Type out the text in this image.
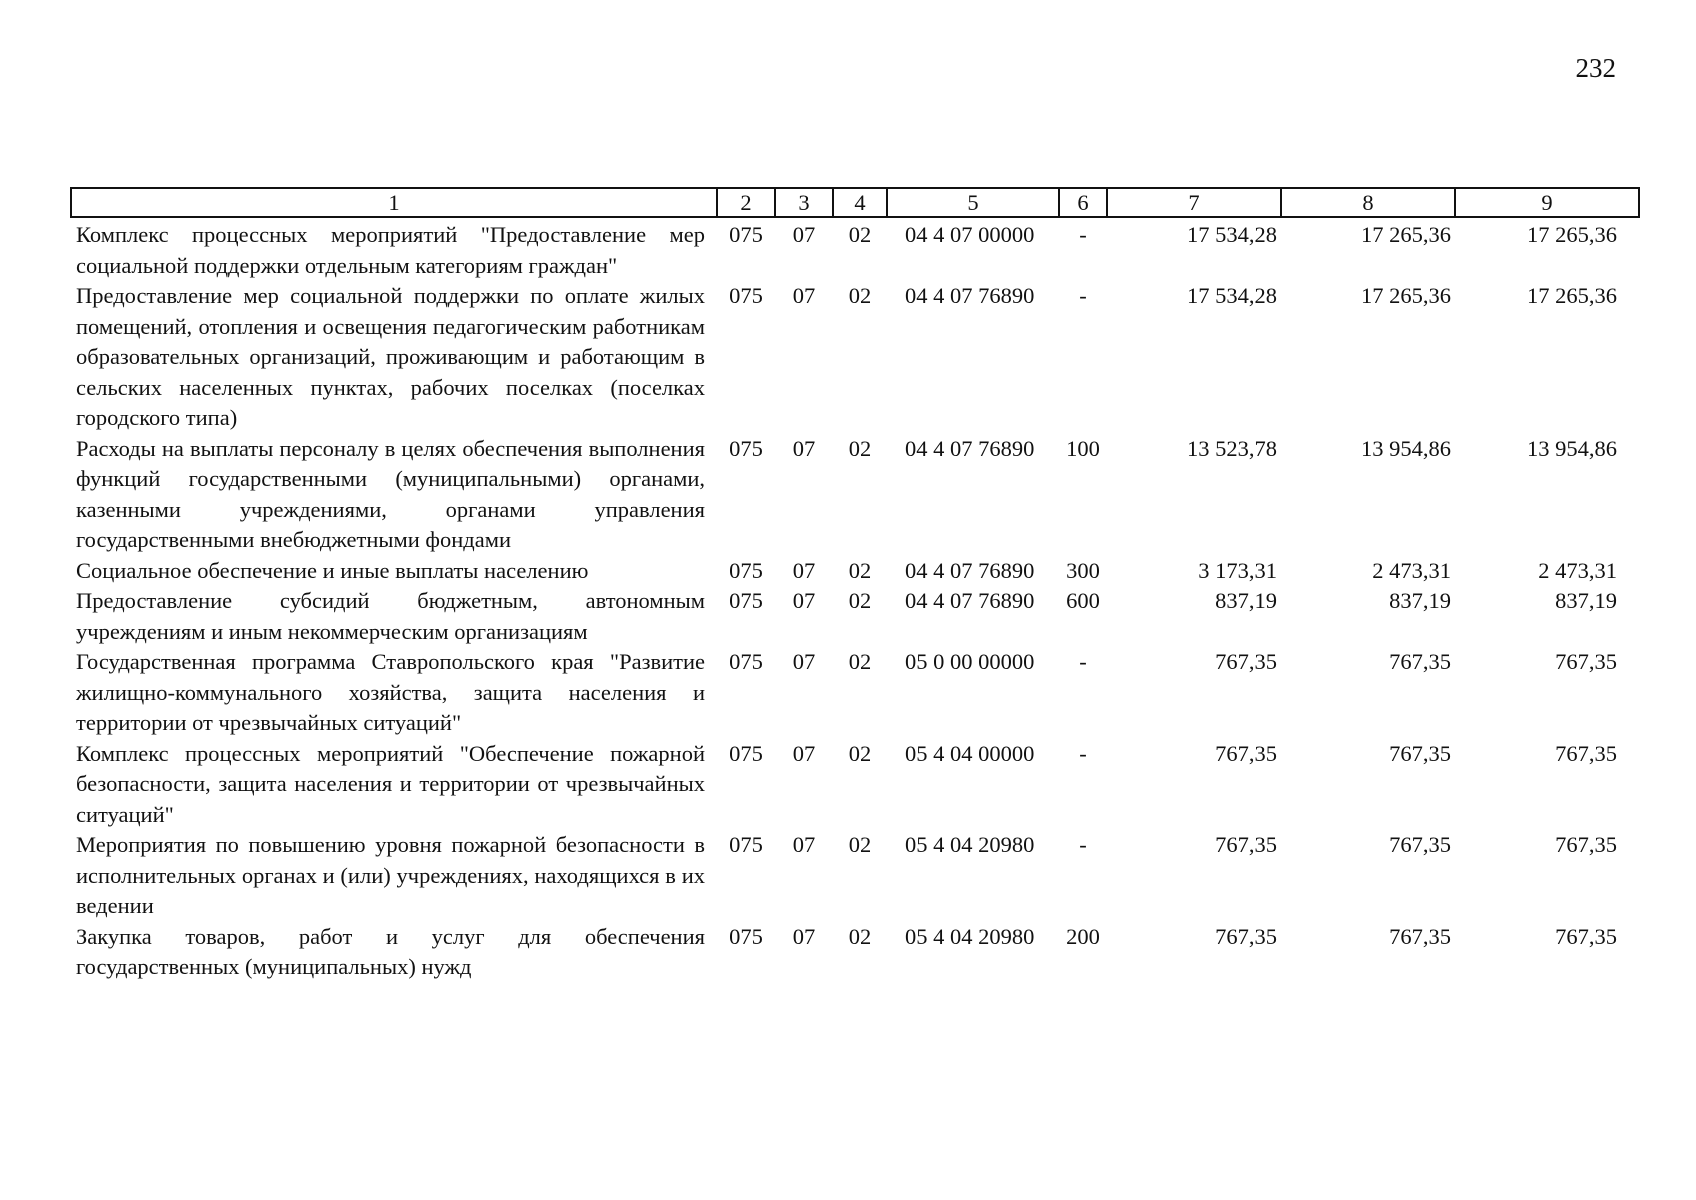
232
1	2	3	4	5	6	7	8	9
Комплекс процессных мероприятий "Предоставление мер социальной поддержки отдельным категориям граждан"	075	07	02	04 4 07 00000	-	17 534,28	17 265,36	17 265,36
Предоставление мер социальной поддержки по оплате жилых помещений, отопления и освещения педагогическим работникам образовательных организаций, проживающим и работающим в сельских населенных пунктах, рабочих поселках (поселках городского типа)	075	07	02	04 4 07 76890	-	17 534,28	17 265,36	17 265,36
Расходы на выплаты персоналу в целях обеспечения выполнения функций государственными (муниципальными) органами, казенными учреждениями, органами управления государственными внебюджетными фондами	075	07	02	04 4 07 76890	100	13 523,78	13 954,86	13 954,86
Социальное обеспечение и иные выплаты населению	075	07	02	04 4 07 76890	300	3 173,31	2 473,31	2 473,31
Предоставление субсидий бюджетным, автономным учреждениям и иным некоммерческим организациям	075	07	02	04 4 07 76890	600	837,19	837,19	837,19
Государственная программа Ставропольского края "Развитие жилищно-коммунального хозяйства, защита населения и территории от чрезвычайных ситуаций"	075	07	02	05 0 00 00000	-	767,35	767,35	767,35
Комплекс процессных мероприятий "Обеспечение пожарной безопасности, защита населения и территории от чрезвычайных ситуаций"	075	07	02	05 4 04 00000	-	767,35	767,35	767,35
Мероприятия по повышению уровня пожарной безопасности в исполнительных органах и (или) учреждениях, находящихся в их ведении	075	07	02	05 4 04 20980	-	767,35	767,35	767,35
Закупка товаров, работ и услуг для обеспечения государственных (муниципальных) нужд	075	07	02	05 4 04 20980	200	767,35	767,35	767,35
